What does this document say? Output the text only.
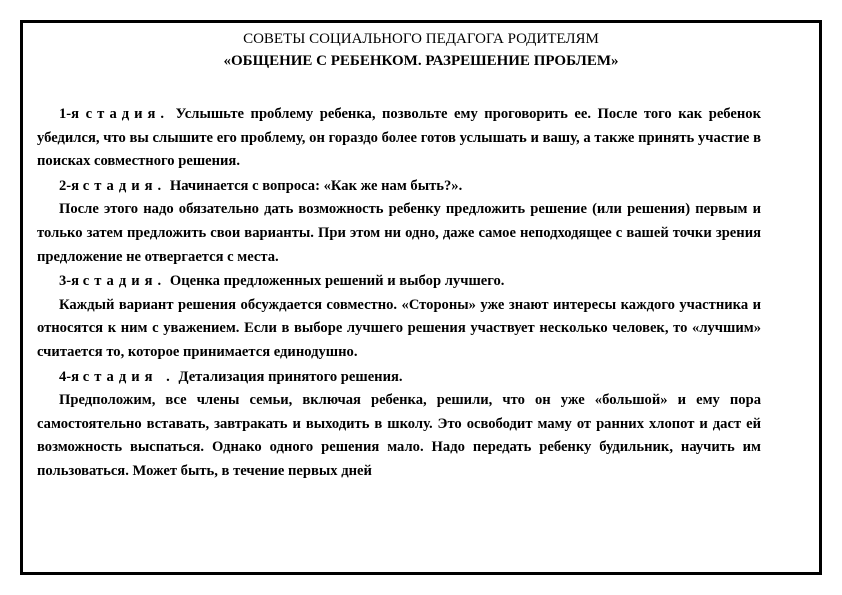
СОВЕТЫ СОЦИАЛЬНОГО ПЕДАГОГА РОДИТЕЛЯМ
«ОБЩЕНИЕ С РЕБЕНКОМ. РАЗРЕШЕНИЕ ПРОБЛЕМ»

1-я стадия. Услышьте проблему ребенка, позвольте ему проговорить ее. После того как ребенок убедился, что вы слышите его проблему, он гораздо более готов услышать и вашу, а также принять участие в поисках совместного решения.

2-я стадия. Начинается с вопроса: «Как же нам быть?».

После этого надо обязательно дать возможность ребенку предложить решение (или решения) первым и только затем предложить свои варианты. При этом ни одно, даже самое неподходящее с вашей точки зрения предложение не отвергается с места.

3-я стадия. Оценка предложенных решений и выбор лучшего.

Каждый вариант решения обсуждается совместно. «Стороны» уже знают интересы каждого участника и относятся к ним с уважением. Если в выборе лучшего решения участвует несколько человек, то «лучшим» считается то, которое принимается единодушно.

4-я стадия . Детализация принятого решения.

Предположим, все члены семьи, включая ребенка, решили, что он уже «большой» и ему пора самостоятельно вставать, завтракать и выходить в школу. Это освободит маму от ранних хлопот и даст ей возможность выспаться. Однако одного решения мало. Надо передать ребенку будильник, научить им пользоваться. Может быть, в течение первых дней
